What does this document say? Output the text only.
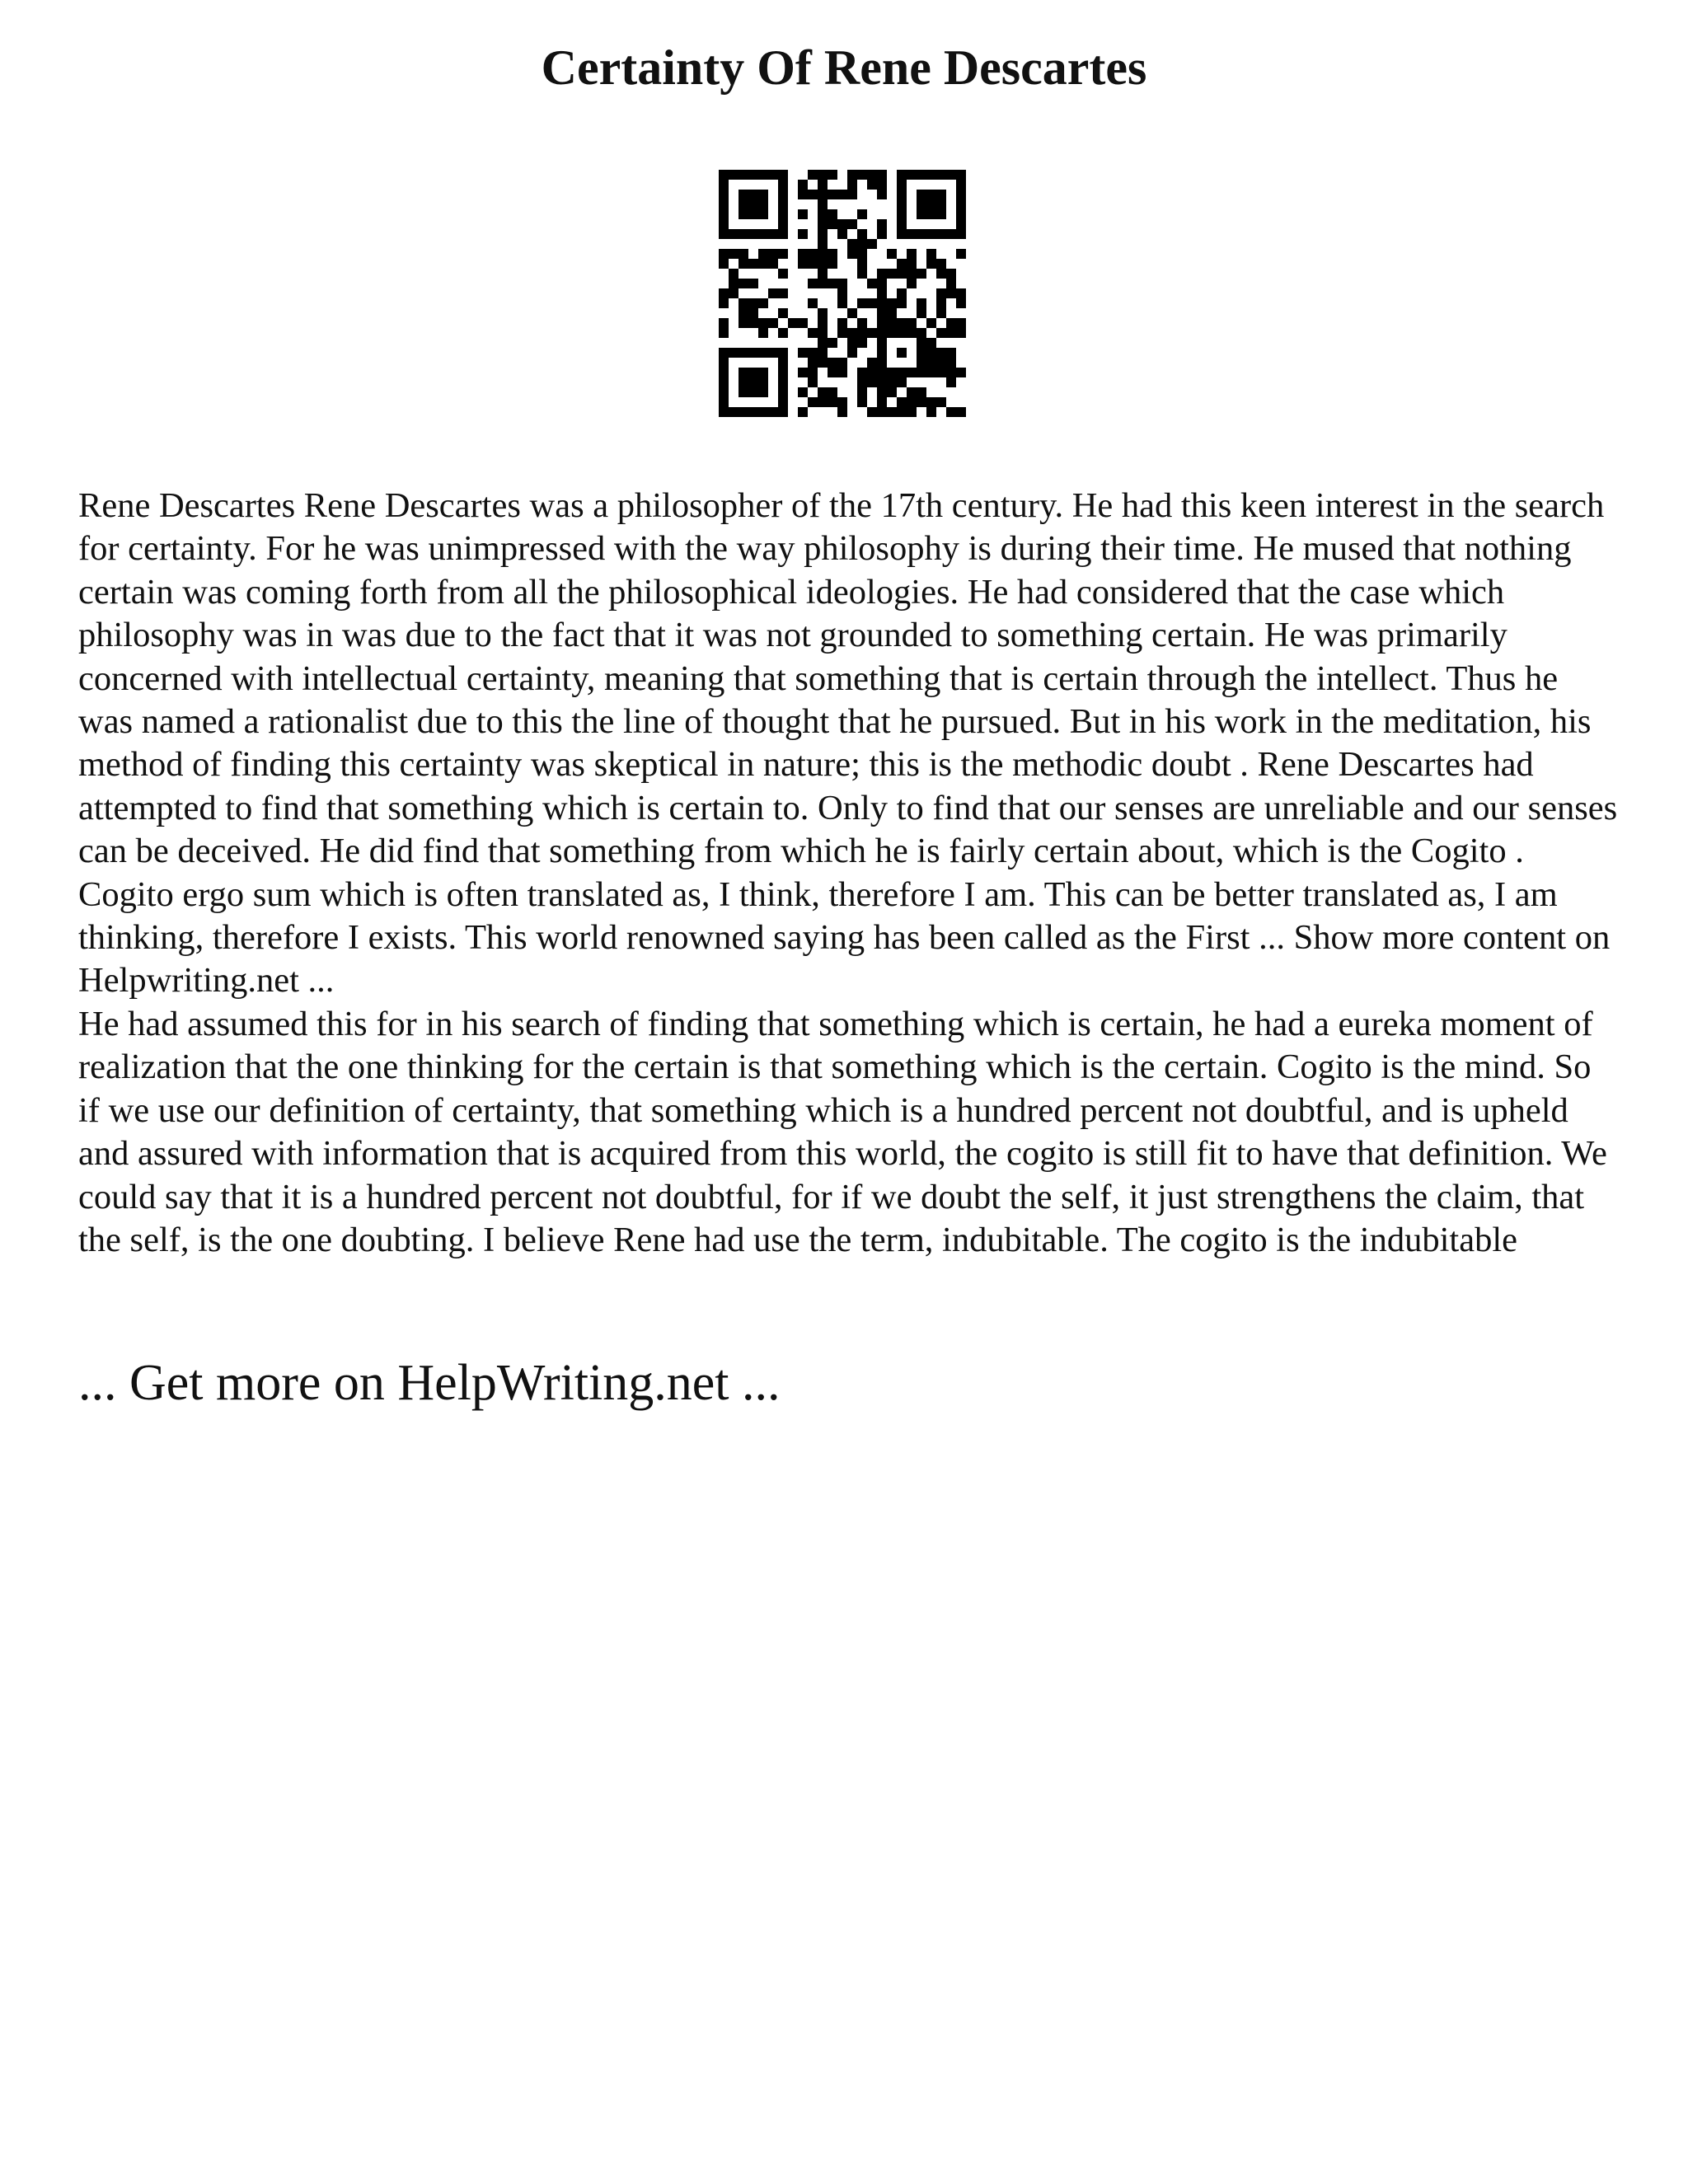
Certainty Of Rene Descartes

Rene Descartes Rene Descartes was a philosopher of the 17th century. He had this keen interest in the search for certainty. For he was unimpressed with the way philosophy is during their time. He mused that nothing certain was coming forth from all the philosophical ideologies. He had considered that the case which philosophy was in was due to the fact that it was not grounded to something certain. He was primarily concerned with intellectual certainty, meaning that something that is certain through the intellect. Thus he was named a rationalist due to this the line of thought that he pursued. But in his work in the meditation, his method of finding this certainty was skeptical in nature; this is the methodic doubt . Rene Descartes had attempted to find that something which is certain to. Only to find that our senses are unreliable and our senses can be deceived. He did find that something from which he is fairly certain about, which is the Cogito . Cogito ergo sum which is often translated as, I think, therefore I am. This can be better translated as, I am thinking, therefore I exists. This world renowned saying has been called as the First ... Show more content on Helpwriting.net ...

He had assumed this for in his search of finding that something which is certain, he had a eureka moment of realization that the one thinking for the certain is that something which is the certain. Cogito is the mind. So if we use our definition of certainty, that something which is a hundred percent not doubtful, and is upheld and assured with information that is acquired from this world, the cogito is still fit to have that definition. We could say that it is a hundred percent not doubtful, for if we doubt the self, it just strengthens the claim, that the self, is the one doubting. I believe Rene had use the term, indubitable. The cogito is the indubitable

... Get more on HelpWriting.net ...
